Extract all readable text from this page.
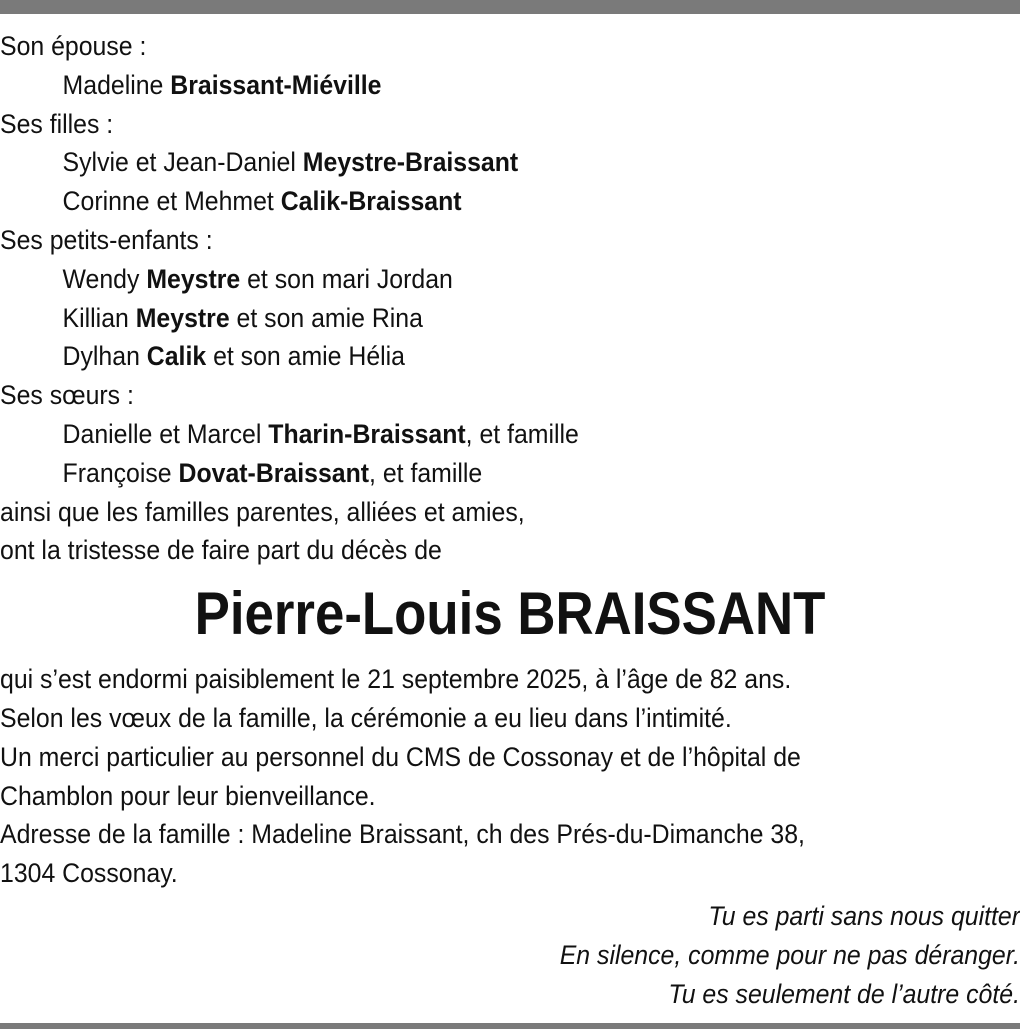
Son épouse :
Madeline Braissant-Miéville
Ses filles :
Sylvie et Jean-Daniel Meystre-Braissant
Corinne et Mehmet Calik-Braissant
Ses petits-enfants :
Wendy Meystre et son mari Jordan
Killian Meystre et son amie Rina
Dylhan Calik et son amie Hélia
Ses sœurs :
Danielle et Marcel Tharin-Braissant, et famille
Françoise Dovat-Braissant, et famille
ainsi que les familles parentes, alliées et amies,
ont la tristesse de faire part du décès de
Pierre-Louis BRAISSANT
qui s’est endormi paisiblement le 21 septembre 2025, à l’âge de 82 ans.
Selon les vœux de la famille, la cérémonie a eu lieu dans l’intimité.
Un merci particulier au personnel du CMS de Cossonay et de l’hôpital de
Chamblon pour leur bienveillance.
Adresse de la famille : Madeline Braissant, ch des Prés-du-Dimanche 38,
1304 Cossonay.
Tu es parti sans nous quitter
En silence, comme pour ne pas déranger.
Tu es seulement de l’autre côté.
